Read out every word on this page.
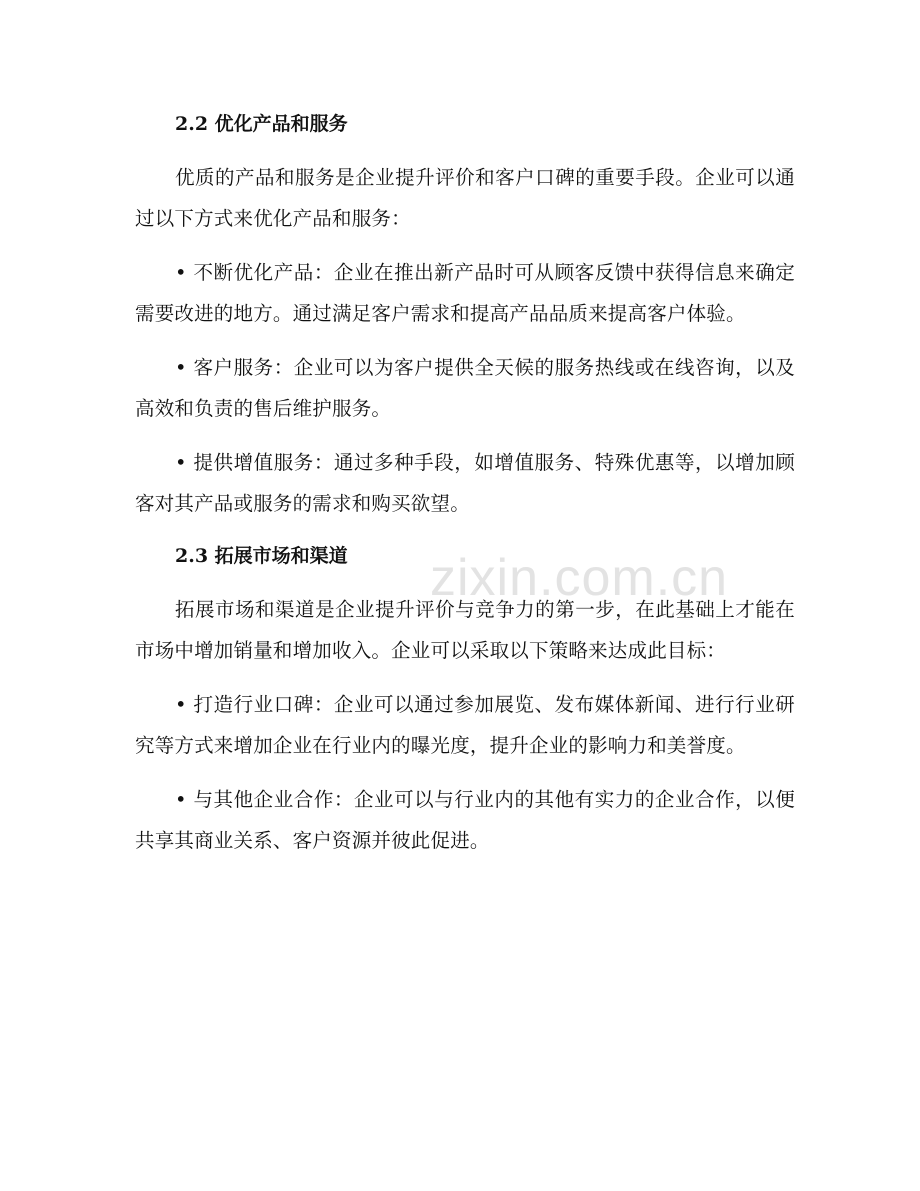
zixin.com.cn
2.2 优化产品和服务

优质的产品和服务是企业提升评价和客户口碑的重要手段。企业可以通过以下方式来优化产品和服务：

• 不断优化产品：企业在推出新产品时可从顾客反馈中获得信息来确定需要改进的地方。通过满足客户需求和提高产品品质来提高客户体验。

• 客户服务：企业可以为客户提供全天候的服务热线或在线咨询，以及高效和负责的售后维护服务。

• 提供增值服务：通过多种手段，如增值服务、特殊优惠等，以增加顾客对其产品或服务的需求和购买欲望。

2.3 拓展市场和渠道

拓展市场和渠道是企业提升评价与竞争力的第一步，在此基础上才能在市场中增加销量和增加收入。企业可以采取以下策略来达成此目标：

• 打造行业口碑：企业可以通过参加展览、发布媒体新闻、进行行业研究等方式来增加企业在行业内的曝光度，提升企业的影响力和美誉度。

• 与其他企业合作：企业可以与行业内的其他有实力的企业合作，以便共享其商业关系、客户资源并彼此促进。
